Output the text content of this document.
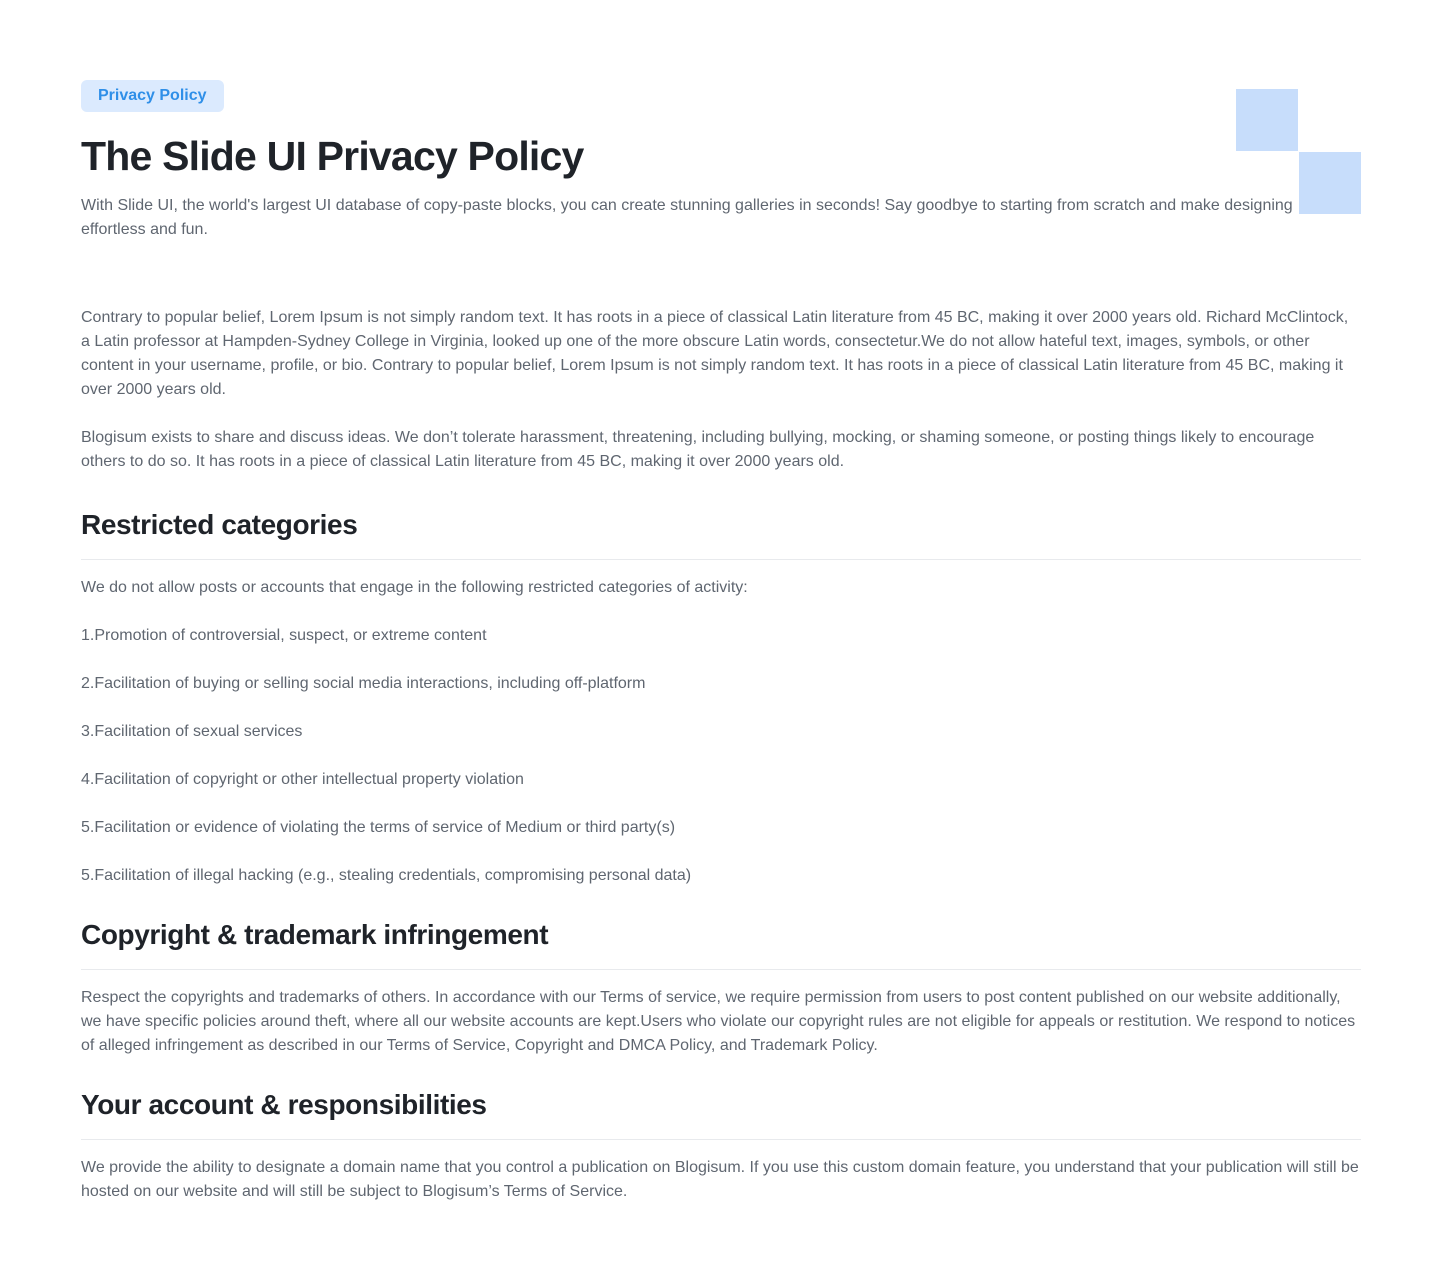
Privacy Policy
The Slide UI Privacy Policy

With Slide UI, the world's largest UI database of copy-paste blocks, you can create stunning galleries in seconds! Say goodbye to starting from scratch and make designing effortless and fun.

Contrary to popular belief, Lorem Ipsum is not simply random text. It has roots in a piece of classical Latin literature from 45 BC, making it over 2000 years old. Richard McClintock, a Latin professor at Hampden-Sydney College in Virginia, looked up one of the more obscure Latin words, consectetur.We do not allow hateful text, images, symbols, or other content in your username, profile, or bio. Contrary to popular belief, Lorem Ipsum is not simply random text. It has roots in a piece of classical Latin literature from 45 BC, making it over 2000 years old.

Blogisum exists to share and discuss ideas. We don’t tolerate harassment, threatening, including bullying, mocking, or shaming someone, or posting things likely to encourage others to do so. It has roots in a piece of classical Latin literature from 45 BC, making it over 2000 years old.

Restricted categories

We do not allow posts or accounts that engage in the following restricted categories of activity:

1.Promotion of controversial, suspect, or extreme content
2.Facilitation of buying or selling social media interactions, including off-platform
3.Facilitation of sexual services
4.Facilitation of copyright or other intellectual property violation
5.Facilitation or evidence of violating the terms of service of Medium or third party(s)
5.Facilitation of illegal hacking (e.g., stealing credentials, compromising personal data)
Copyright & trademark infringement

Respect the copyrights and trademarks of others. In accordance with our Terms of service, we require permission from users to post content published on our website additionally, we have specific policies around theft, where all our website accounts are kept.Users who violate our copyright rules are not eligible for appeals or restitution. We respond to notices of alleged infringement as described in our Terms of Service, Copyright and DMCA Policy, and Trademark Policy.

Your account & responsibilities

We provide the ability to designate a domain name that you control a publication on Blogisum. If you use this custom domain feature, you understand that your publication will still be hosted on our website and will still be subject to Blogisum’s Terms of Service.
